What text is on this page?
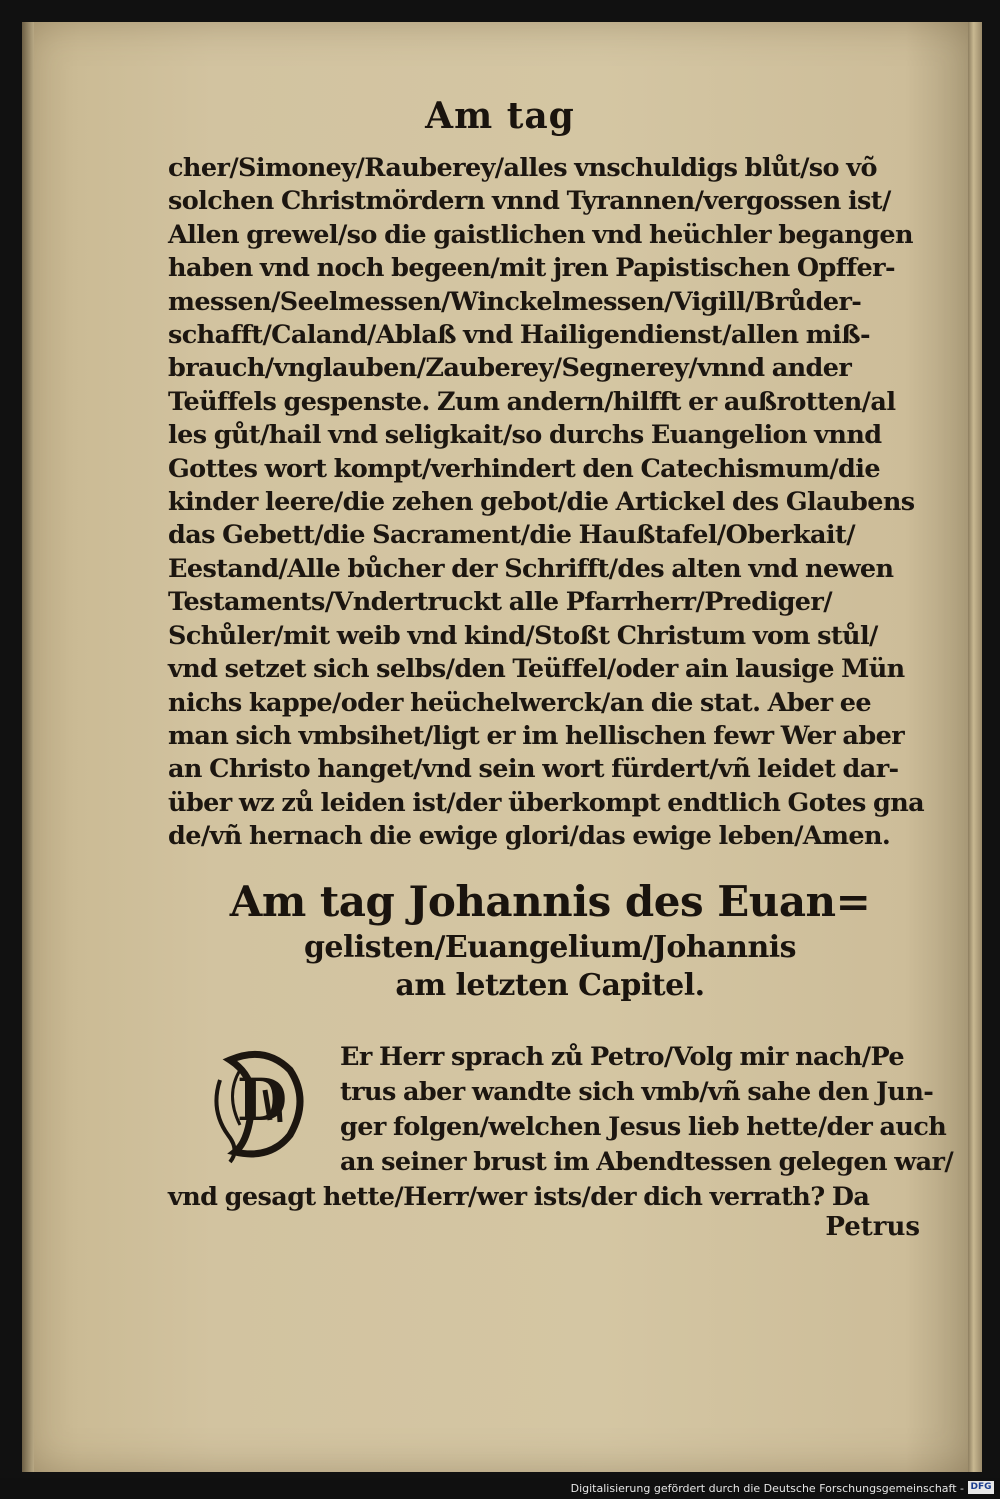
Am tag
cher/Simoney/Rauberey/alles vnschuldigs blůt/so võ
solchen Christmördern vnnd Tyrannen/vergossen ist/
Allen grewel/so die gaistlichen vnd heüchler begangen
haben vnd noch begeen/mit jren Papistischen Opffer-
messen/Seelmessen/Winckelmessen/Vigill/Brůder-
schafft/Caland/Ablaß vnd Hailigendienst/allen miß-
brauch/vnglauben/Zauberey/Segnerey/vnnd ander
Teüffels gespenste. Zum andern/hilfft er außrotten/al
les gůt/hail vnd seligkait/so durchs Euangelion vnnd
Gottes wort kompt/verhindert den Catechismum/die
kinder leere/die zehen gebot/die Artickel des Glaubens
das Gebett/die Sacrament/die Haußtafel/Oberkait/
Eestand/Alle bůcher der Schrifft/des alten vnd newen
Testaments/Vndertruckt alle Pfarrherr/Prediger/
Schůler/mit weib vnd kind/Stoßt Christum vom stůl/
vnd setzet sich selbs/den Teüffel/oder ain lausige Mün
nichs kappe/oder heüchelwerck/an die stat. Aber ee
man sich vmbsihet/ligt er im hellischen fewr Wer aber
an Christo hanget/vnd sein wort fürdert/vñ leidet dar-
über wz zů leiden ist/der überkompt endtlich Gotes gna
de/vñ hernach die ewige glori/das ewige leben/Amen.
Am tag Johannis des Euan=
gelisten/Euangelium/Johannis
am letzten Capitel.
D
Er Herr sprach zů Petro/Volg mir nach/Pe
trus aber wandte sich vmb/vñ sahe den Jun-
ger folgen/welchen Jesus lieb hette/der auch
an seiner brust im Abendtessen gelegen war/
vnd gesagt hette/Herr/wer ists/der dich verrath? Da
Petrus
Digitalisierung gefördert durch die Deutsche Forschungsgemeinschaft - DFG
